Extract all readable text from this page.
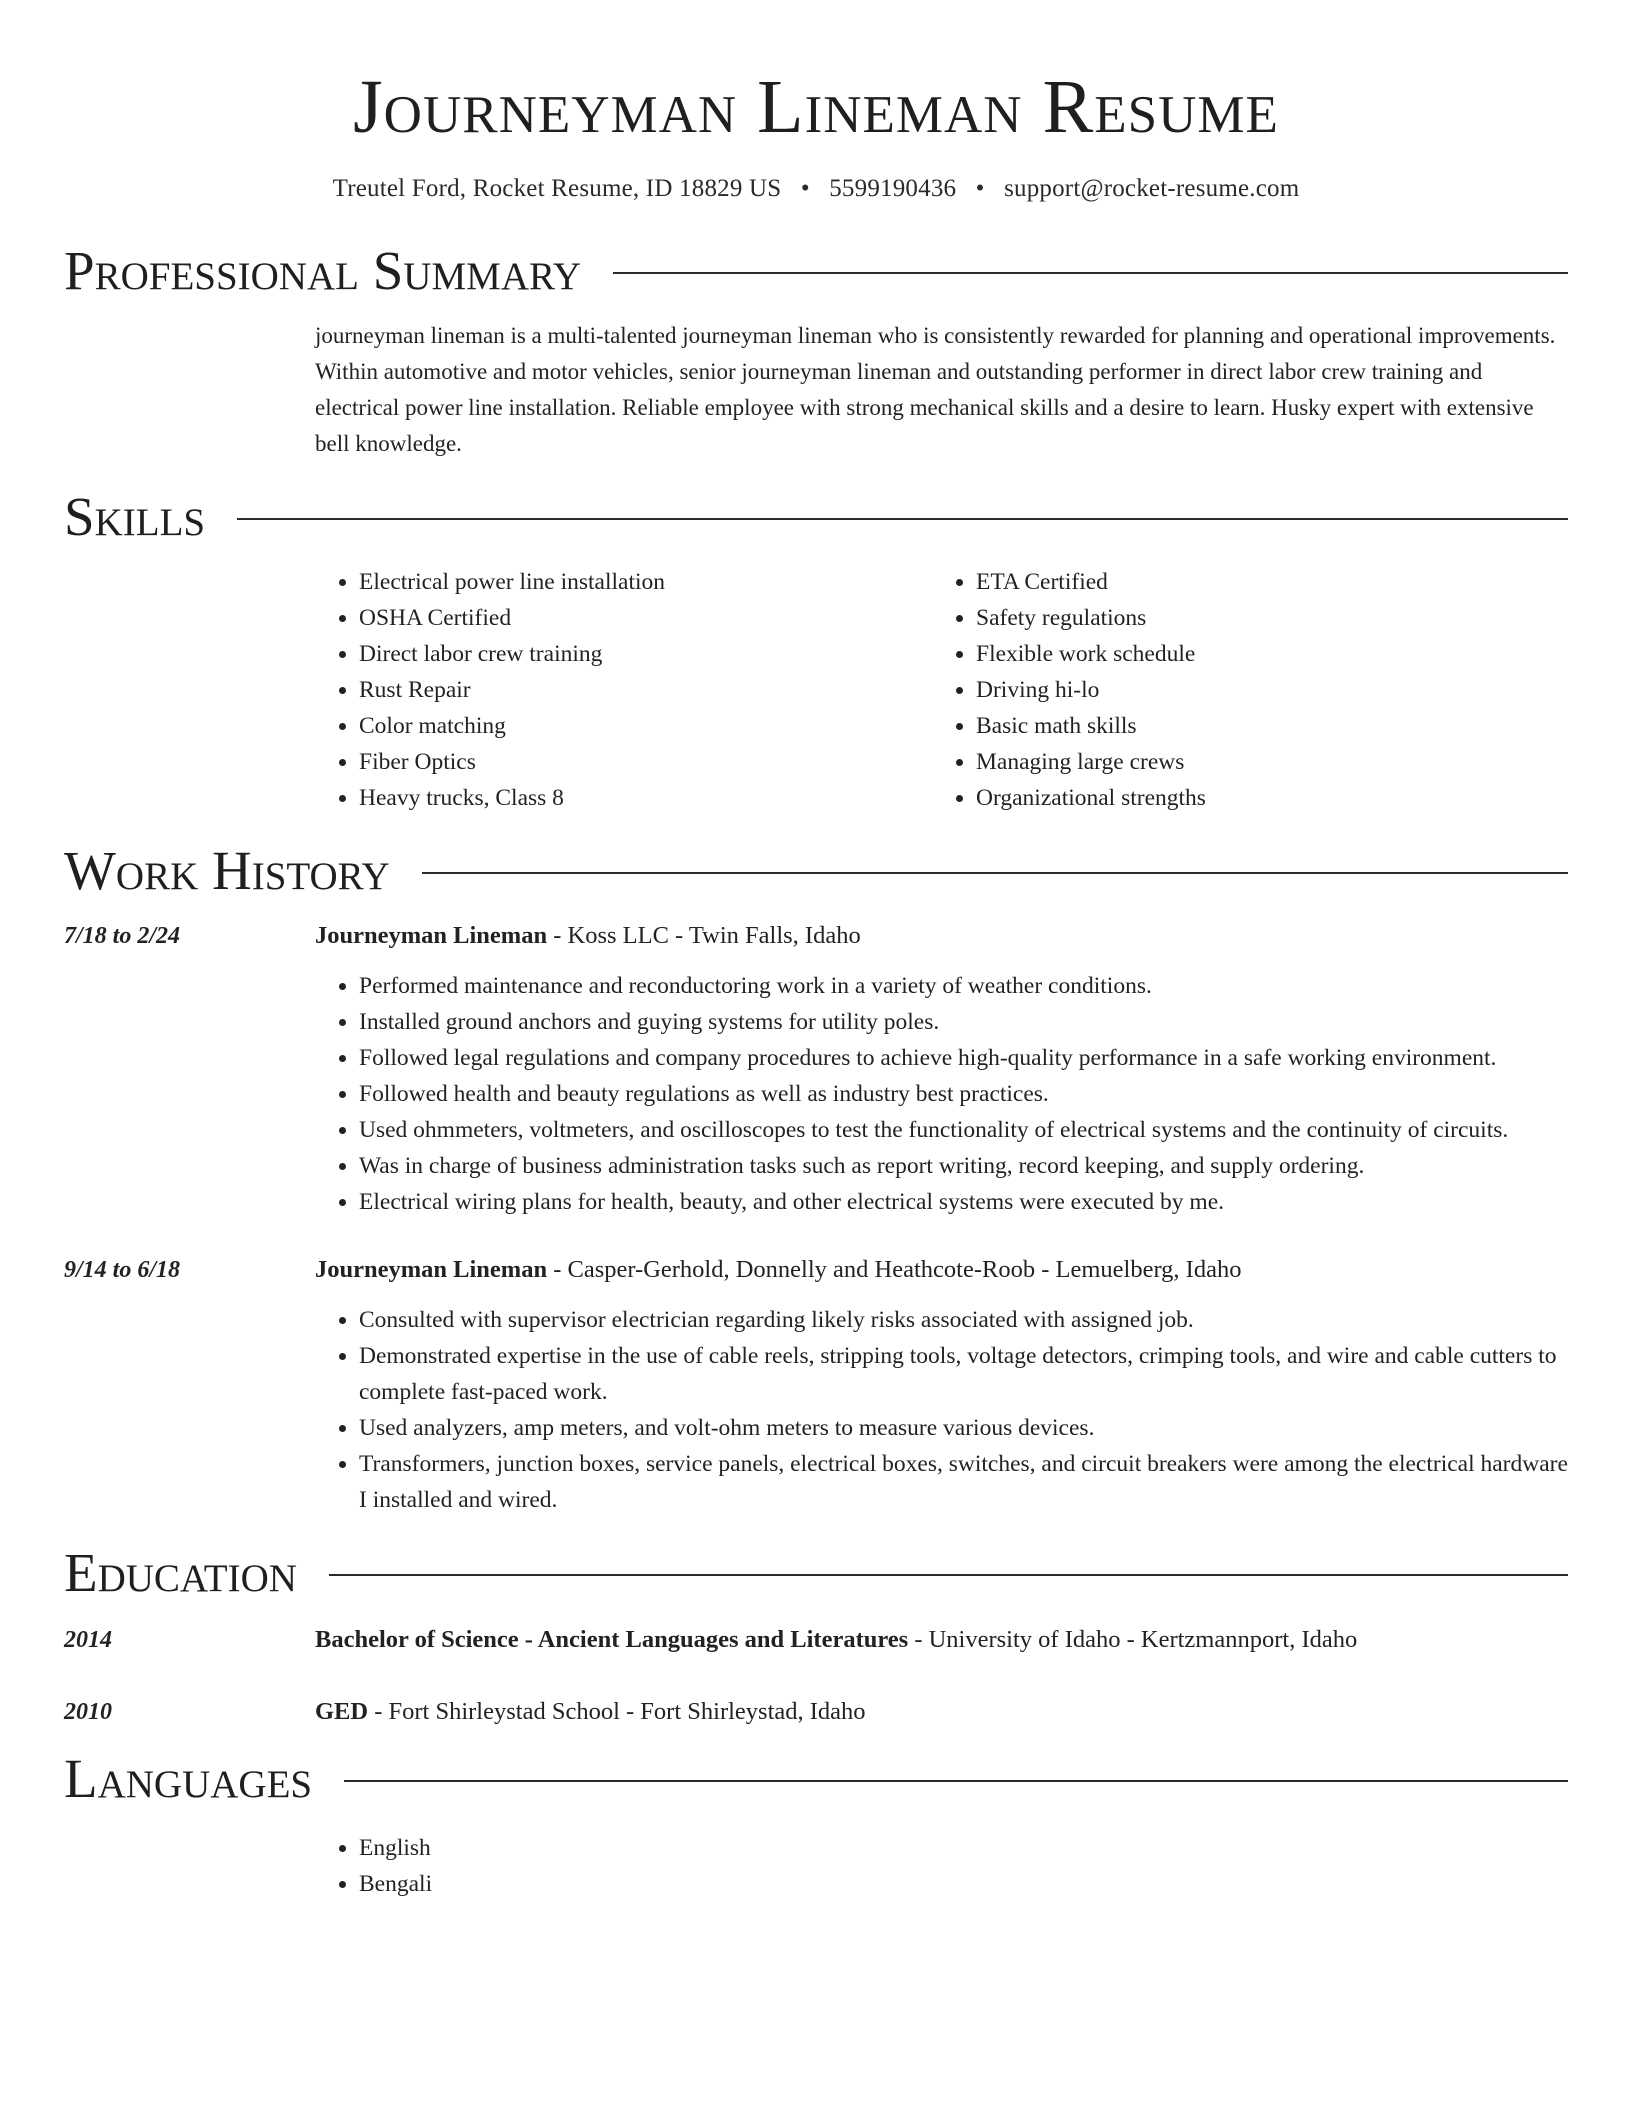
Journeyman Lineman Resume
Treutel Ford, Rocket Resume, ID 18829 US • 5599190436 • support@rocket-resume.com
Professional Summary
journeyman lineman is a multi-talented journeyman lineman who is consistently rewarded for planning and operational improvements. Within automotive and motor vehicles, senior journeyman lineman and outstanding performer in direct labor crew training and electrical power line installation. Reliable employee with strong mechanical skills and a desire to learn. Husky expert with extensive bell knowledge.
Skills
• Electrical power line installation
• OSHA Certified
• Direct labor crew training
• Rust Repair
• Color matching
• Fiber Optics
• Heavy trucks, Class 8
• ETA Certified
• Safety regulations
• Flexible work schedule
• Driving hi-lo
• Basic math skills
• Managing large crews
• Organizational strengths
Work History
7/18 to 2/24	Journeyman Lineman - Koss LLC - Twin Falls, Idaho
• Performed maintenance and reconductoring work in a variety of weather conditions.
• Installed ground anchors and guying systems for utility poles.
• Followed legal regulations and company procedures to achieve high-quality performance in a safe working environment.
• Followed health and beauty regulations as well as industry best practices.
• Used ohmmeters, voltmeters, and oscilloscopes to test the functionality of electrical systems and the continuity of circuits.
• Was in charge of business administration tasks such as report writing, record keeping, and supply ordering.
• Electrical wiring plans for health, beauty, and other electrical systems were executed by me.
9/14 to 6/18	Journeyman Lineman - Casper-Gerhold, Donnelly and Heathcote-Roob - Lemuelberg, Idaho
• Consulted with supervisor electrician regarding likely risks associated with assigned job.
• Demonstrated expertise in the use of cable reels, stripping tools, voltage detectors, crimping tools, and wire and cable cutters to complete fast-paced work.
• Used analyzers, amp meters, and volt-ohm meters to measure various devices.
• Transformers, junction boxes, service panels, electrical boxes, switches, and circuit breakers were among the electrical hardware I installed and wired.
Education
2014	Bachelor of Science - Ancient Languages and Literatures - University of Idaho - Kertzmannport, Idaho
2010	GED - Fort Shirleystad School - Fort Shirleystad, Idaho
Languages
• English
• Bengali
